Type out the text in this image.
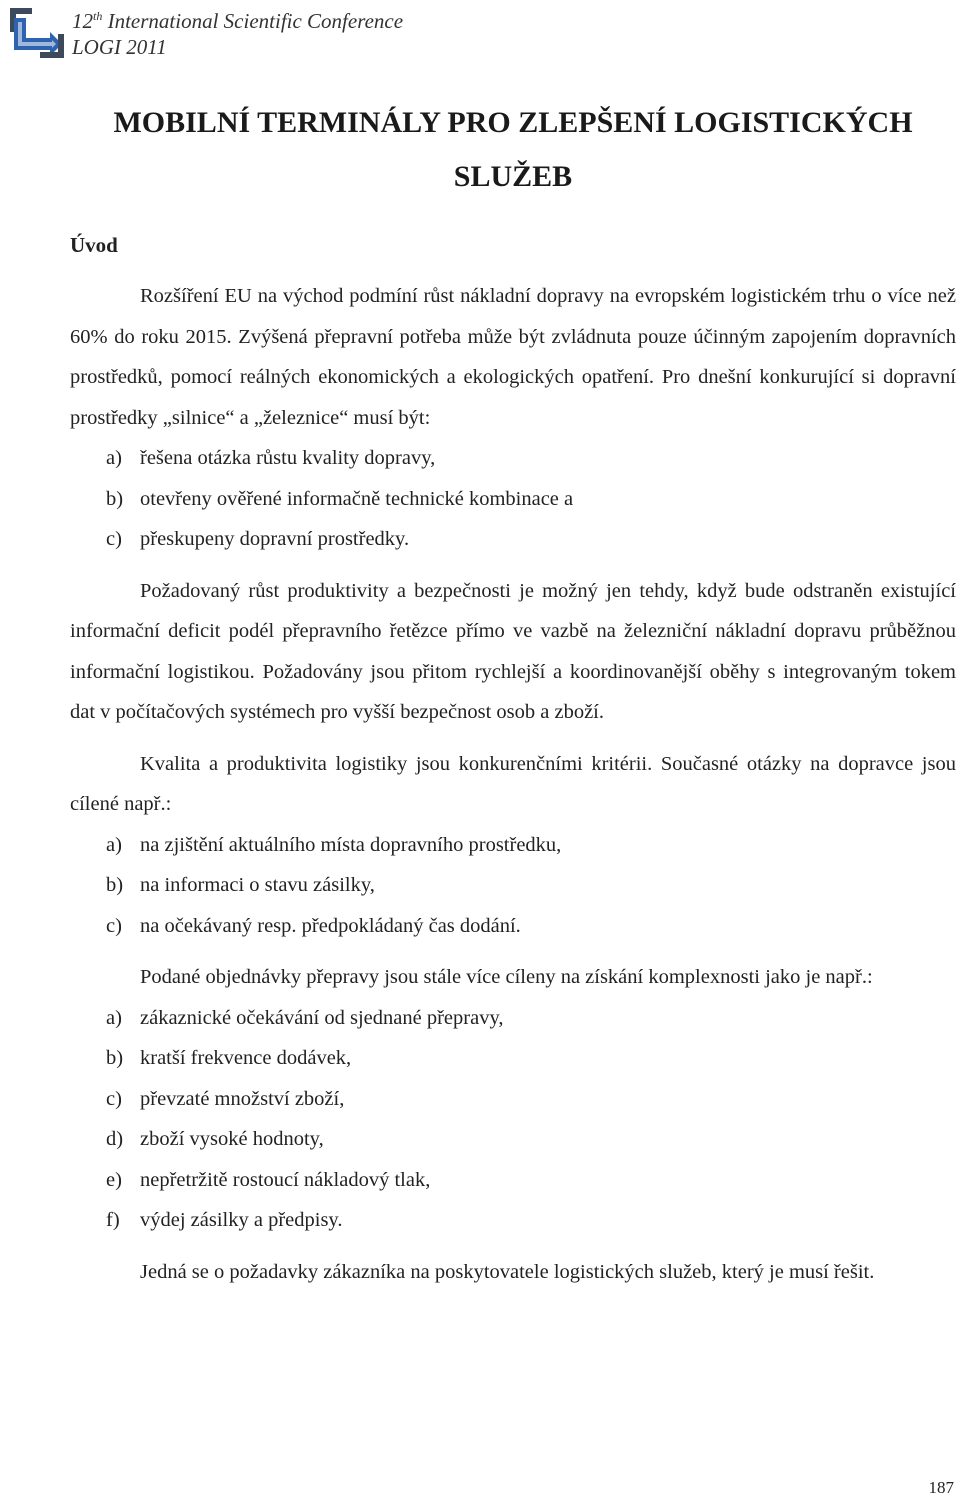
12th International Scientific Conference
LOGI 2011
MOBILNÍ TERMINÁLY PRO ZLEPŠENÍ LOGISTICKÝCH
SLUŽEB
Úvod

Rozšíření EU na východ podmíní růst nákladní dopravy na evropském logistickém trhu o více než 60% do roku 2015. Zvýšená přepravní potřeba může být zvládnuta pouze účinným zapojením dopravních prostředků, pomocí reálných ekonomických a ekologických opatření. Pro dnešní konkurující si dopravní prostředky „silnice“ a „železnice“ musí být:

a) řešena otázka růstu kvality dopravy,
b) otevřeny ověřené informačně technické kombinace a
c) přeskupeny dopravní prostředky.

Požadovaný růst produktivity a bezpečnosti je možný jen tehdy, když bude odstraněn existující informační deficit podél přepravního řetězce přímo ve vazbě na železniční nákladní dopravu průběžnou informační logistikou. Požadovány jsou přitom rychlejší a koordinovanější oběhy s integrovaným tokem dat v počítačových systémech pro vyšší bezpečnost osob a zboží.

Kvalita a produktivita logistiky jsou konkurenčními kritérii. Současné otázky na dopravce jsou cílené např.:

a) na zjištění aktuálního místa dopravního prostředku,
b) na informaci o stavu zásilky,
c) na očekávaný resp. předpokládaný čas dodání.

Podané objednávky přepravy jsou stále více cíleny na získání komplexnosti jako je např.:

a) zákaznické očekávání od sjednané přepravy,
b) kratší frekvence dodávek,
c) převzaté množství zboží,
d) zboží vysoké hodnoty,
e) nepřetržitě rostoucí nákladový tlak,
f) výdej zásilky a předpisy.

Jedná se o požadavky zákazníka na poskytovatele logistických služeb, který je musí řešit.

187
